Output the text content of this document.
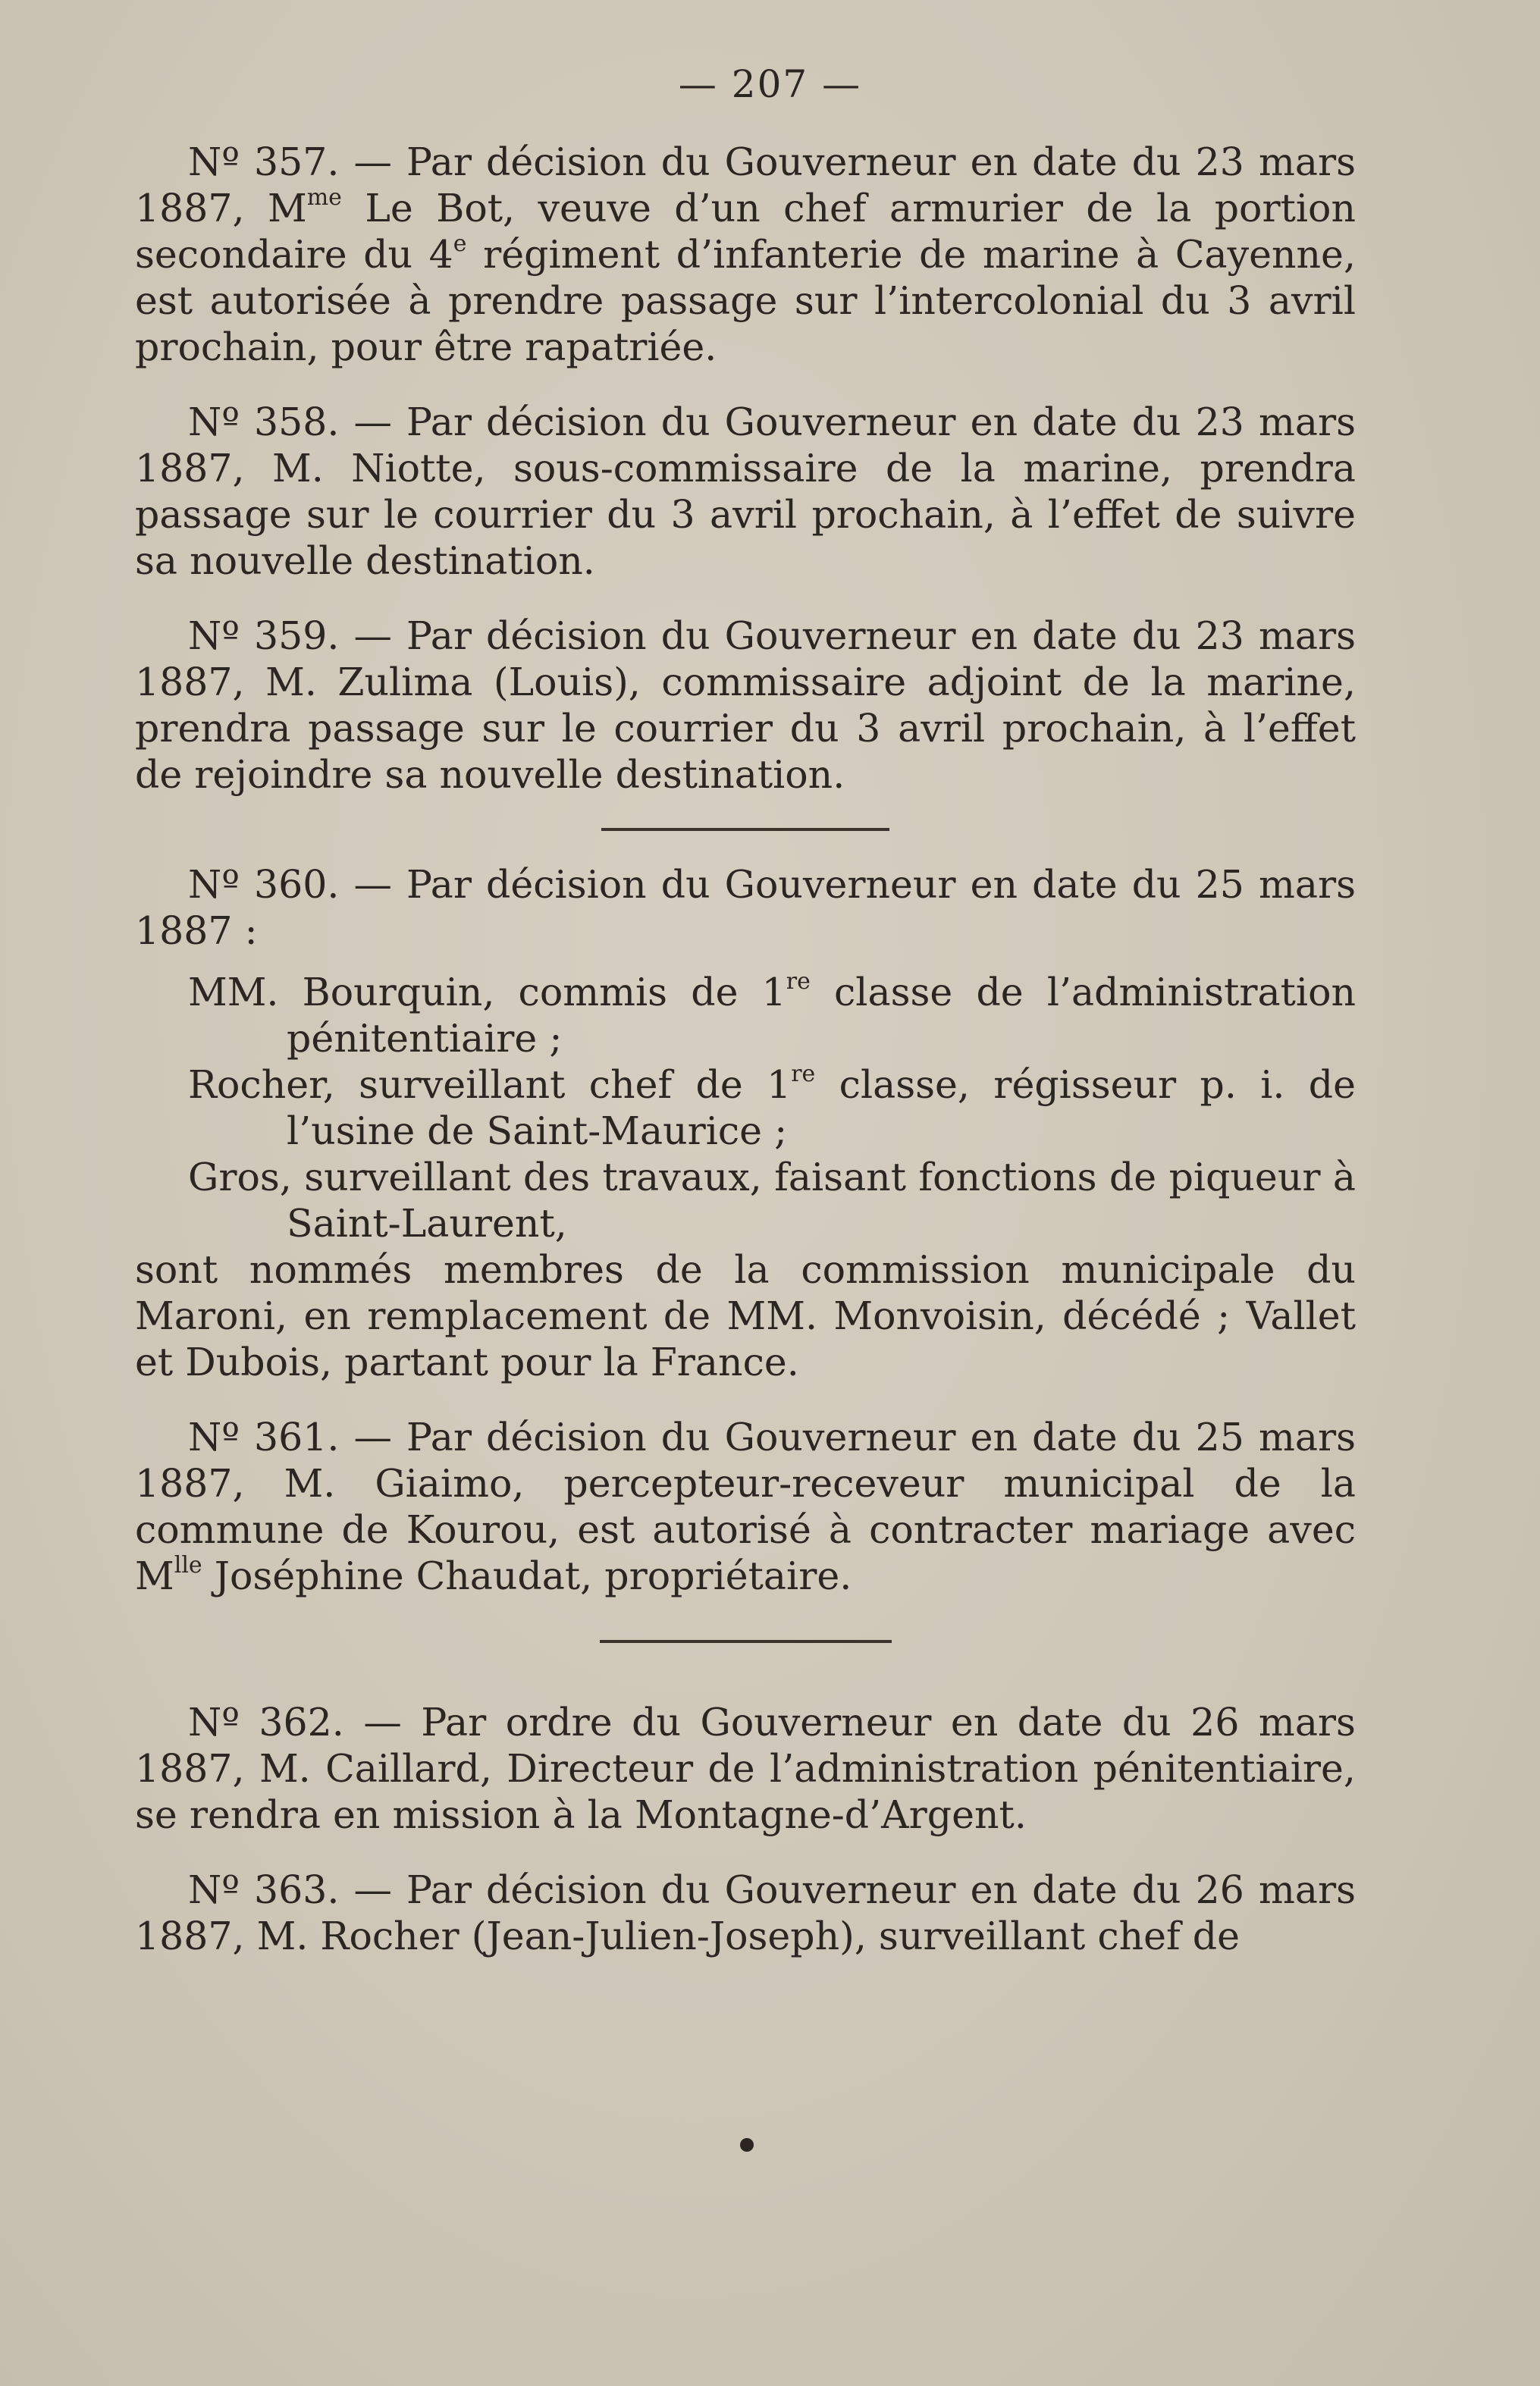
— 207 —

Nº 357. — Par décision du Gouverneur en date du 23 mars 1887, $M^{me}$ Le Bot, veuve d’un chef armurier de la portion secondaire du 4e régiment d’infanterie de marine à Cayenne, est autorisée à prendre passage sur l’intercolonial du 3 avril prochain, pour être rapatriée.

Nº 358. — Par décision du Gouverneur en date du 23 mars 1887, M. Niotte, sous-commissaire de la marine, prendra passage sur le courrier du 3 avril prochain, à l’effet de suivre sa nouvelle destination.

Nº 359. — Par décision du Gouverneur en date du 23 mars 1887, M. Zulima (Louis), commissaire adjoint de la marine, prendra passage sur le courrier du 3 avril prochain, à l’effet de rejoindre sa nouvelle destination.

Nº 360. — Par décision du Gouverneur en date du 25 mars 1887 :

MM. Bourquin, commis de 1re classe de l’administration pénitentiaire ;

Rocher, surveillant chef de 1re classe, régisseur p. i. de l’usine de Saint-Maurice ;

Gros, surveillant des travaux, faisant fonctions de piqueur à Saint-Laurent,

sont nommés membres de la commission municipale du Maroni, en remplacement de MM. Monvoisin, décédé ; Vallet et Dubois, partant pour la France.

Nº 361. — Par décision du Gouverneur en date du 25 mars 1887, M. Giaimo, percepteur-receveur municipal de la commune de Kourou, est autorisé à contracter mariage avec $M^{lle}$ Joséphine Chaudat, propriétaire.

Nº 362. — Par ordre du Gouverneur en date du 26 mars 1887, M. Caillard, Directeur de l’administration pénitentiaire, se rendra en mission à la Montagne-d’Argent.

Nº 363. — Par décision du Gouverneur en date du 26 mars 1887, M. Rocher (Jean-Julien-Joseph), surveillant chef de
